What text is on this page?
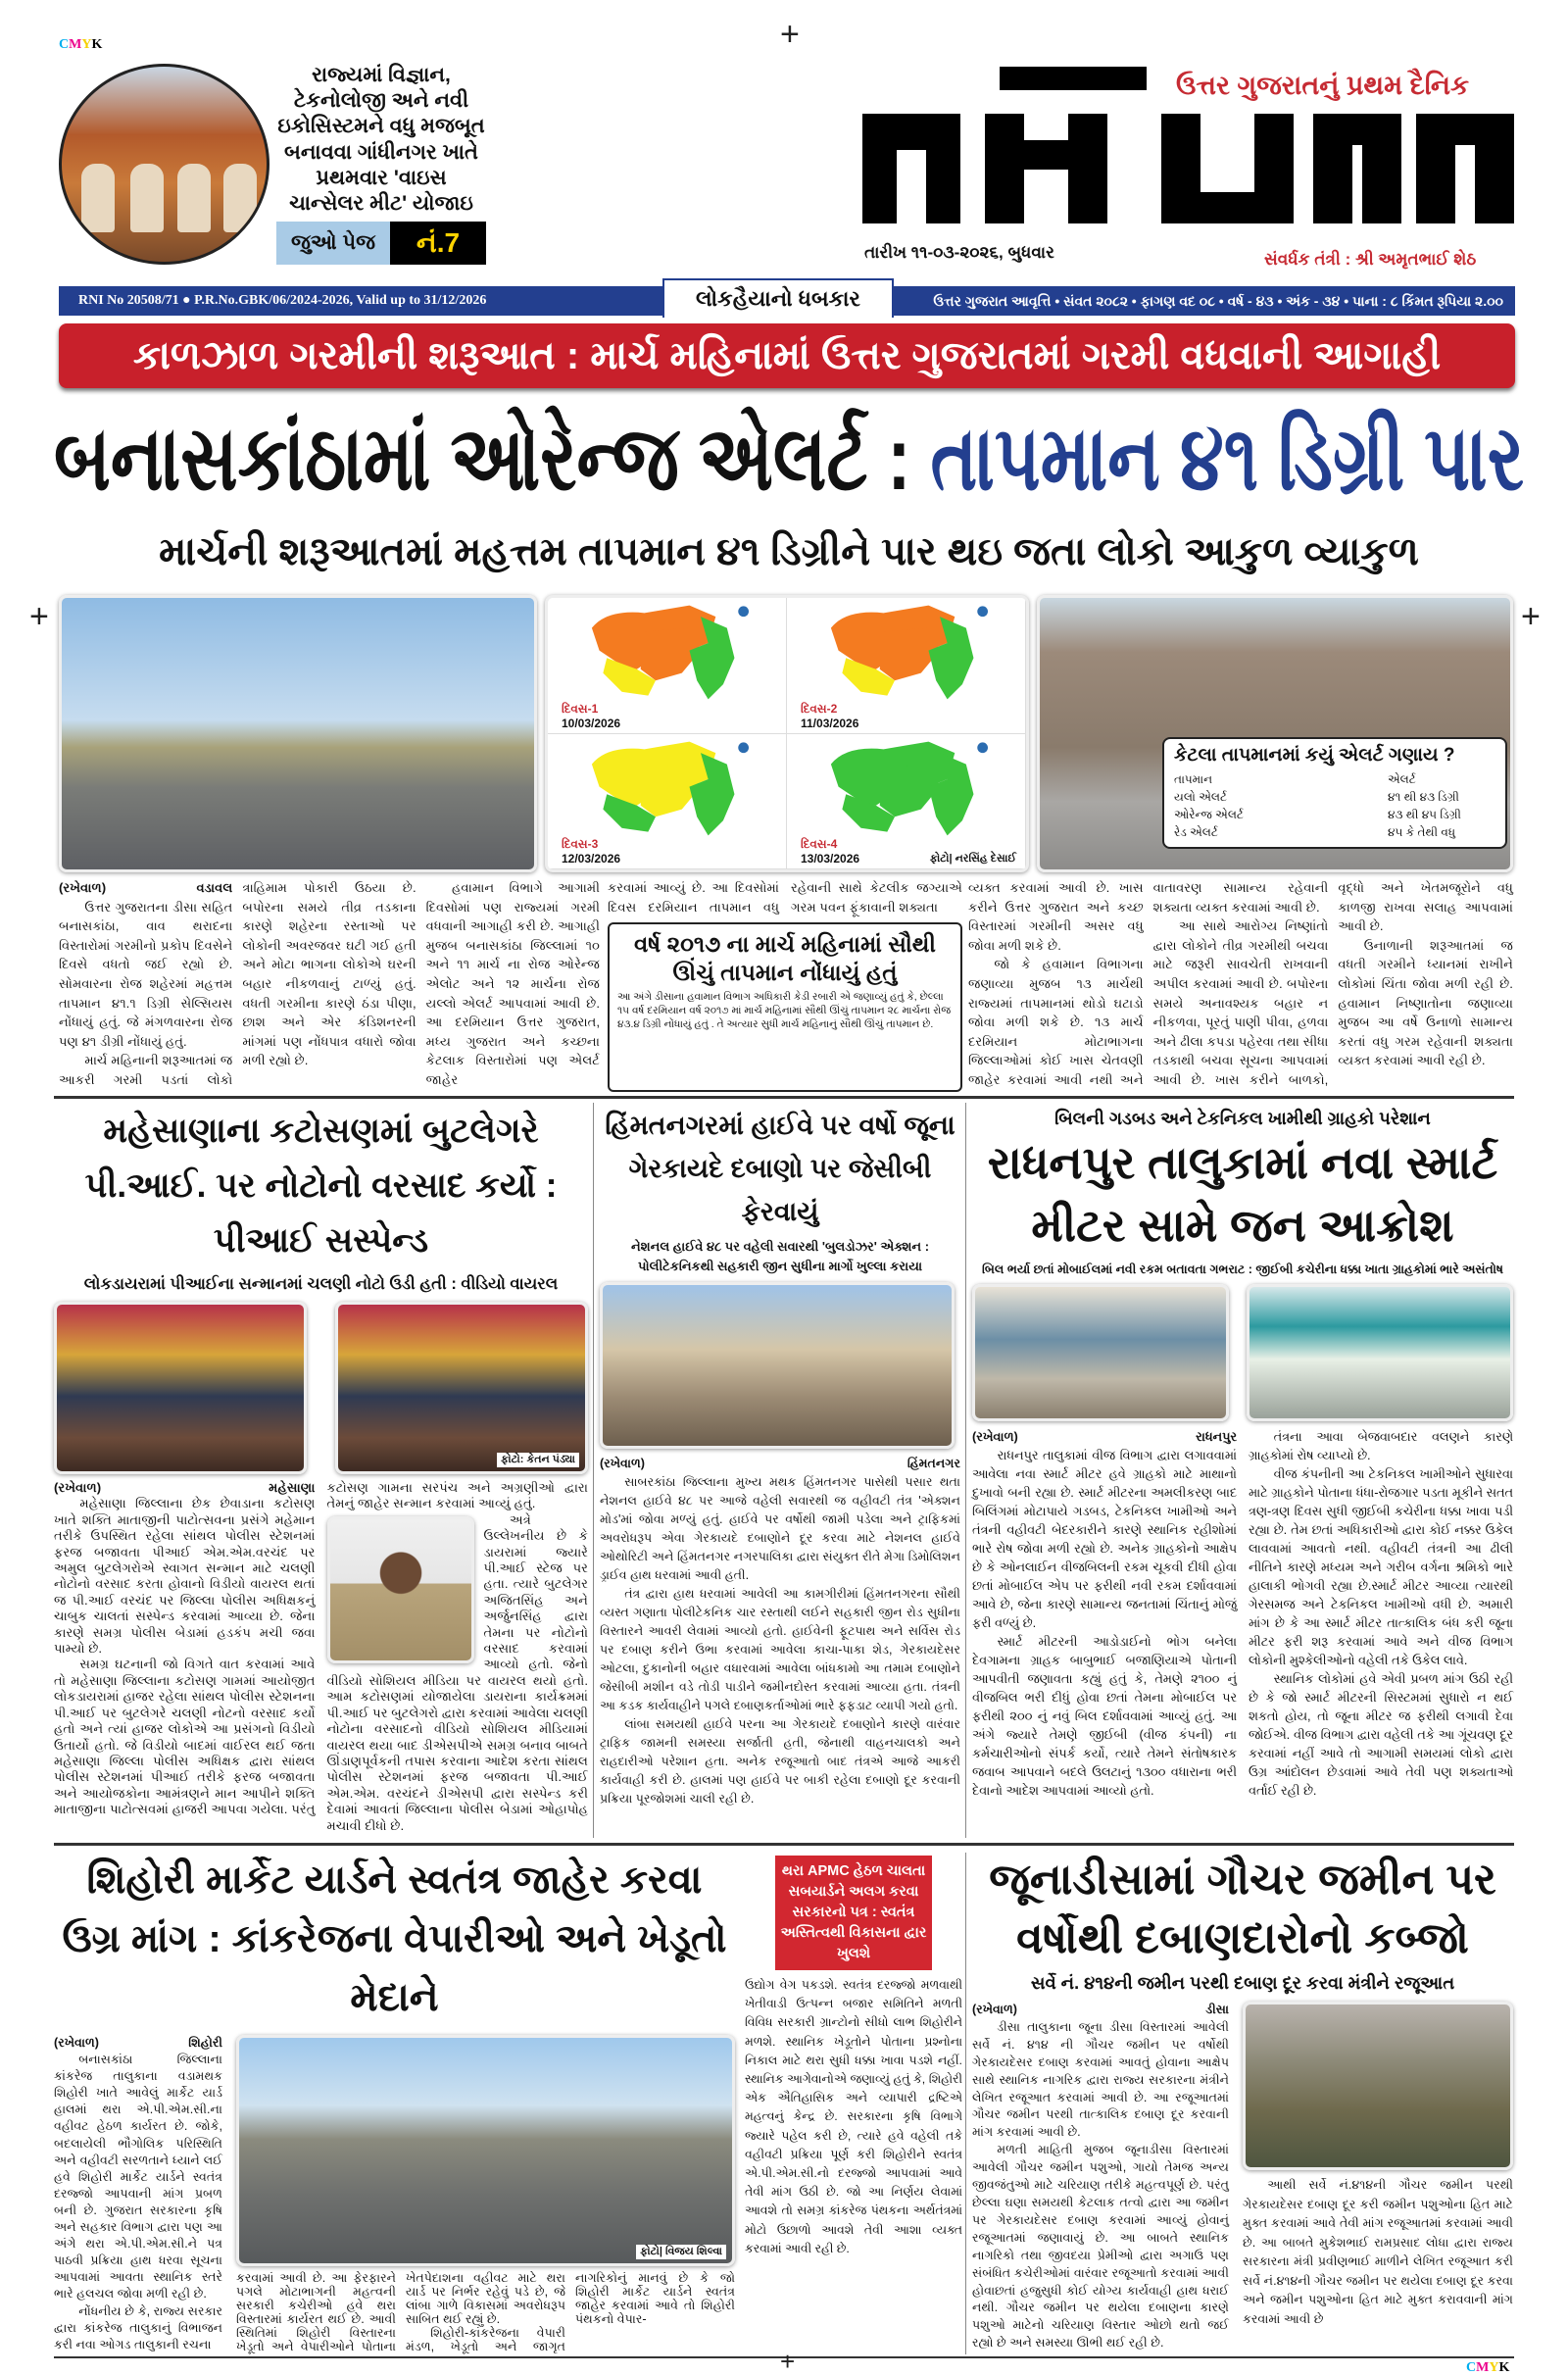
CMYK	+
રાજ્યમાં વિજ્ઞાન, ટેકનોલોજી અને નવી ઇકોસિસ્ટમને વધુ મજબૂત બનાવવા ગાંધીનગર ખાતે પ્રથમવાર 'વાઇસ ચાન્સેલર મીટ' યોજાઇ
જુઓ પેજ	નં.7
ઉત્તર ગુજરાતનું પ્રથમ દૈનિક
તારીખ ૧૧-૦૩-૨૦૨૬, બુધવાર	સંવર્ધક તંત્રી : શ્રી અમૃતભાઈ શેઠ
RNI No 20508/71 ● P.R.No.GBK/06/2024-2026, Valid up to 31/12/2026	ઉત્તર ગુજરાત આવૃત્તિ • સંવત ૨૦૮૨ • ફાગણ વદ ૦૮ • વર્ષ - ૪૩ • અંક - ૩૪ • પાના : ૮ કિંમત રૂપિયા ૨.૦૦
લોકહૈયાનો ધબકાર
કાળઝાળ ગરમીની શરૂઆત : માર્ચ મહિનામાં ઉત્તર ગુજરાતમાં ગરમી વધવાની આગાહી
બનાસકાંઠામાં ઓરેન્જ એલર્ટ : તાપમાન ૪૧ ડિગ્રી પાર
માર્ચની શરૂઆતમાં મહત્તમ તાપમાન ૪૧ ડિગ્રીને પાર થઇ જતા લોકો આકુળ વ્યાકુળ
+	+
દિવસ-1
10/03/2026
દિવસ-2
11/03/2026
દિવસ-3
12/03/2026
દિવસ-4
13/03/2026	ફોટો| નરસિંહ દેસાઈ
કેટલા તાપમાનમાં કયું એલર્ટ ગણાય ?
તાપમાન	એલર્ટ
યલો એલર્ટ	૪૧ થી ૪૩ ડિગ્રી
ઓરેન્જ એલર્ટ	૪૩ થી ૪૫ ડિગ્રી
રેડ એલર્ટ	૪૫ કે તેથી વધુ
(રખેવાળ)	વડાવલ

ઉત્તર ગુજરાતના ડીસા સહિત બનાસકાંઠા, વાવ થરાદના વિસ્તારોમાં ગરમીનો પ્રકોપ દિવસેને દિવસે વધતો જઈ રહ્યો છે. સોમવારના રોજ શહેરમાં મહત્તમ તાપમાન ૪૧.૧ ડિગ્રી સેલ્સિયસ નોંધાયું હતું. જે મંગળવારના રોજ પણ ૪૧ ડીગ્રી નોંધાયું હતું.

માર્ચ મહિનાની શરૂઆતમાં જ આકરી ગરમી પડતાં લોકો ત્રાહિમામ પોકારી ઉઠયા છે. બપોરના સમયે તીવ્ર તડકાના કારણે શહેરના રસ્તાઓ પર લોકોની અવરજવર ઘટી ગઈ હતી અને મોટા ભાગના લોકોએ ઘરની બહાર નીકળવાનું ટાળ્યું હતું. વધતી ગરમીના કારણે ઠંડા પીણા, છાશ અને એર કંડિશનરની માંગમાં પણ નોંધપાત્ર વધારો જોવા મળી રહ્યો છે.

હવામાન વિભાગે આગામી દિવસોમાં પણ રાજ્યમાં ગરમી વધવાની આગાહી કરી છે. આગાહી મુજબ બનાસકાંઠા જિલ્લામાં ૧૦ અને ૧૧ માર્ચ ના રોજ ઓરેન્જ એલોટ અને ૧૨ માર્ચના રોજ યલ્લો એલર્ટ આપવામાં આવી છે. આ દરમિયાન ઉત્તર ગુજરાત, મધ્ય ગુજરાત અને કચ્છના કેટલાક વિસ્તારોમાં પણ એલર્ટ જાહેર

કરવામાં આવ્યું છે. આ દિવસોમાં દિવસ દરમિયાન તાપમાન વધુ રહેવાની સાથે કેટલીક જગ્યાએ ગરમ પવન ફૂંકાવાની શક્યતા
વર્ષ ૨૦૧૭ ના માર્ચ મહિનામાં સૌથી ઊંચું તાપમાન નોંધાયું હતું

આ અંગે ડીસાના હવામાન વિભાગ અધિકારી કેડી રબારી એ જણાવ્યું હતું કે, છેલ્લા ૧૫ વર્ષ દરમિયાન વર્ષ ૨૦૧૭ માં માર્ચ મહિનામાં સૌથી ઊંચું તાપમાન ૨૮ માર્ચના રોજ ૪૩.૪ ડિગ્રી નોંધાયું હતું . તે અત્યાર સુધી માર્ચ મહિનાનું સૌથી ઊંચું તાપમાન છે.

વ્યક્ત કરવામાં આવી છે. ખાસ કરીને ઉત્તર ગુજરાત અને કચ્છ વિસ્તારમાં ગરમીની અસર વધુ જોવા મળી શકે છે.

જો કે હવામાન વિભાગના જણાવ્યા મુજબ ૧૩ માર્ચથી રાજ્યમાં તાપમાનમાં થોડો ઘટાડો જોવા મળી શકે છે. ૧૩ માર્ચ દરમિયાન મોટાભાગના જિલ્લાઓમાં કોઈ ખાસ ચેતવણી જાહેર કરવામાં આવી નથી અને વાતાવરણ સામાન્ય રહેવાની શક્યતા વ્યક્ત કરવામાં આવી છે.

આ સાથે આરોગ્ય નિષ્ણાંતો દ્વારા લોકોને તીવ્ર ગરમીથી બચવા માટે જરૂરી સાવચેતી રાખવાની અપીલ કરવામાં આવી છે. બપોરના સમયે અનાવશ્યક બહાર ન નીકળવા, પૂરતું પાણી પીવા, હળવા અને ઢીલા કપડા પહેરવા તથા સીધા તડકાથી બચવા સૂચના આપવામાં આવી છે. ખાસ કરીને બાળકો, વૃદ્ધો અને ખેતમજૂરોને વધુ કાળજી રાખવા સલાહ આપવામાં આવી છે.

ઉનાળાની શરૂઆતમાં જ વધતી ગરમીને ધ્યાનમાં રાખીને લોકોમાં ચિંતા જોવા મળી રહી છે. હવામાન નિષ્ણાતોના જણાવ્યા મુજબ આ વર્ષે ઉનાળો સામાન્ય કરતાં વધુ ગરમ રહેવાની શક્યતા વ્યક્ત કરવામાં આવી રહી છે.

મહેસાણાના કટોસણમાં બુટલેગરે પી.આઈ. પર નોટોનો વરસાદ કર્યો : પીઆઈ સસ્પેન્ડ
લોકડાયરામાં પીઆઈના સન્માનમાં ચલણી નોટો ઉડી હતી : વીડિયો વાયરલ
ફોટો: કેતન પંડ્યા
(રખેવાળ)	મહેસાણા

મહેસાણા જિલ્લાના છેક છેવાડાના કટોસણ ખાતે શક્તિ માતાજીની પાટોત્સવના પ્રસંગે મહેમાન તરીકે ઉપસ્થિત રહેલા સાંથલ પોલીસ સ્ટેશનમાં ફરજ બજાવતા પીઆઈ એમ.એમ.વરચંદ પર અમુલ બુટલેગરોએ સ્વાગત સન્માન માટે ચલણી નોટોનો વરસાદ કરતા હોવાનો વિડીયો વાયરલ થતાં જ પી.આઈ વરચંદ પર જિલ્લા પોલીસ અધિક્ષકનું ચાબુક ચાલતાં સસ્પેન્ડ કરવામાં આવ્યા છે. જેના કારણે સમગ્ર પોલીસ બેડામાં હડકંપ મચી જવા પામ્યો છે.

સમગ્ર ઘટનાની જો વિગતે વાત કરવામાં આવે તો મહેસાણા જિલ્લાના કટોસણ ગામમાં આયોજીત લોકડાયરામાં હાજર રહેલા સાંથલ પોલીસ સ્ટેશનના પી.આઈ પર બુટલેગરે ચલણી નોટનો વરસાદ કર્યો હતો અને ત્યાં હાજર લોકોએ આ પ્રસંગનો વિડીયો ઉતાર્યો હતો. જે વિડીયો બાદમાં વાઈરલ થઈ જતા મહેસાણા જિલ્લા પોલીસ અધિક્ષક દ્વારા સાંથલ પોલીસ સ્ટેશનમાં પીઆઈ તરીકે ફરજ બજાવતા અને આયોજકોના આમંત્રણને માન આપીને શક્તિ માતાજીના પાટોત્સવમાં હાજરી આપવા ગયેલા. પરંતુ કટોસણ ગામના સરપંચ અને અગ્રણીઓ દ્વારા તેમનું જાહેર સન્માન કરવામાં આવ્યું હતું.

અત્રે ઉલ્લેખનીય છે કે ડાયરામાં જ્યારે પી.આઈ સ્ટેજ પર હતા. ત્યારે બુટલેગર અજિતસિંહ અને અર્જુનસિંહ દ્વારા તેમના પર નોટોનો વરસાદ કરવામાં આવ્યો હતો. જેનો વીડિયો સોશિયલ મીડિયા પર વાયરલ થયો હતો. આમ કટોસણમાં યોજાયેલા ડાયરાના કાર્યક્રમમાં પી.આઈ પર બુટલેગરો દ્વારા કરવામાં આવેલા ચલણી નોટોના વરસાદનો વીડિયો સોશિયલ મીડિયામાં વાયરલ થયા બાદ ડીએસપીએ સમગ્ર બનાવ બાબતે ઊંડાણપૂર્વકની તપાસ કરવાના આદેશ કરતા સાંથલ પોલીસ સ્ટેશનમાં ફરજ બજાવતા પી.આઈ એમ.એમ. વરચંદને ડીએસપી દ્વારા સસ્પેન્ડ કરી દેવામાં આવતાં જિલ્લાના પોલીસ બેડામાં ઓહાપોહ મચાવી દીધો છે.

હિંમતનગરમાં હાઈવે પર વર્ષો જૂના ગેરકાયદે દબાણો પર જેસીબી ફેરવાયું
નેશનલ હાઈવે ૪૮ પર વહેલી સવારથી 'બુલડોઝર' એક્શન : પોલીટેકનિકથી સહકારી જીન સુધીના માર્ગો ખુલ્લા કરાયા
(રખેવાળ)	હિંમતનગર

સાબરકાંઠા જિલ્લાના મુખ્ય મથક હિંમતનગર પાસેથી પસાર થતા નેશનલ હાઈવે ૪૮ પર આજે વહેલી સવારથી જ વહીવટી તંત્ર 'એક્શન મોડ'માં જોવા મળ્યું હતું. હાઈવે પર વર્ષોથી જામી પડેલા અને ટ્રાફિકમાં અવરોધરૂપ એવા ગેરકાયદે દબાણોને દૂર કરવા માટે નેશનલ હાઈવે ઓથોરિટી અને હિંમતનગર નગરપાલિકા દ્વારા સંયુક્ત રીતે મેગા ડિમોલિશન ડ્રાઈવ હાથ ધરવામાં આવી હતી.

તંત્ર દ્વારા હાથ ધરવામાં આવેલી આ કામગીરીમાં હિંમતનગરના સૌથી વ્યસ્ત ગણાતા પોલીટેકનિક ચાર રસ્તાથી લઈને સહકારી જીન રોડ સુધીના વિસ્તારને આવરી લેવામાં આવ્યો હતો. હાઈવેની ફૂટપાથ અને સર્વિસ રોડ પર દબાણ કરીને ઉભા કરવામાં આવેલા કાચા-પાકા શેડ, ગેરકાયદેસર ઓટલા, દુકાનોની બહાર વધારવામાં આવેલા બાંધકામો આ તમામ દબાણોને જેસીબી મશીન વડે તોડી પાડીને જમીનદોસ્ત કરવામાં આવ્યા હતા. તંત્રની આ કડક કાર્યવાહીને પગલે દબાણકર્તાઓમાં ભારે ફફડાટ વ્યાપી ગયો હતો.

લાંબા સમયથી હાઈવે પરના આ ગેરકાયદે દબાણોને કારણે વારંવાર ટ્રાફિક જામની સમસ્યા સર્જાતી હતી, જેનાથી વાહનચાલકો અને રાહદારીઓ પરેશાન હતા. અનેક રજૂઆતો બાદ તંત્રએ આજે આકરી કાર્યવાહી કરી છે. હાલમાં પણ હાઈવે પર બાકી રહેલા દબાણો દૂર કરવાની પ્રક્રિયા પૂરજોશમાં ચાલી રહી છે.

બિલની ગડબડ અને ટેકનિકલ ખામીથી ગ્રાહકો પરેશાન
રાધનપુર તાલુકામાં નવા સ્માર્ટ મીટર સામે જન આક્રોશ
બિલ ભર્યા છતાં મોબાઈલમાં નવી રકમ બતાવતા ગભરાટ : જીઈબી કચેરીના ધક્કા ખાતા ગ્રાહકોમાં ભારે અસંતોષ
(રખેવાળ)	રાધનપુર

રાધનપુર તાલુકામાં વીજ વિભાગ દ્વારા લગાવવામાં આવેલા નવા સ્માર્ટ મીટર હવે ગ્રાહકો માટે માથાનો દુખાવો બની રહ્યા છે. સ્માર્ટ મીટરના અમલીકરણ બાદ બિલિંગમાં મોટાપાયે ગડબડ, ટેકનિકલ ખામીઓ અને તંત્રની વહીવટી બેદરકારીને કારણે સ્થાનિક રહીશોમાં ભારે રોષ જોવા મળી રહ્યો છે. અનેક ગ્રાહકોનો આક્ષેપ છે કે ઓનલાઈન વીજબિલની રકમ ચૂકવી દીધી હોવા છતાં મોબાઈલ એપ પર ફરીથી નવી રકમ દર્શાવવામાં આવે છે, જેના કારણે સામાન્ય જનતામાં ચિંતાનું મોજું ફરી વળ્યું છે.

સ્માર્ટ મીટરની આડોડાઈનો ભોગ બનેલા દેવગામના ગ્રાહક બાબુભાઈ બજાણિયાએ પોતાની આપવીતી જણાવતા કહ્યું હતું કે, તેમણે ૨૧૦૦ નું વીજબિલ ભરી દીધું હોવા છતાં તેમના મોબાઈલ પર ફરીથી ૨૦૦ નું નવું બિલ દર્શાવવામાં આવ્યું હતું. આ અંગે જ્યારે તેમણે જીઈબી (વીજ કંપની) ના કર્મચારીઓનો સંપર્ક કર્યો, ત્યારે તેમને સંતોષકારક જવાબ આપવાને બદલે ઉલટાનું ૧૩૦૦ વધારાના ભરી દેવાનો આદેશ આપવામાં આવ્યો હતો.

તંત્રના આવા બેજવાબદાર વલણને કારણે ગ્રાહકોમાં રોષ વ્યાપ્યો છે.

વીજ કંપનીની આ ટેકનિકલ ખામીઓને સુધારવા માટે ગ્રાહકોને પોતાના ધંધા-રોજગાર પડતા મૂકીને સતત ત્રણ-ત્રણ દિવસ સુધી જીઈબી કચેરીના ધક્કા ખાવા પડી રહ્યા છે. તેમ છતાં અધિકારીઓ દ્વારા કોઈ નક્કર ઉકેલ લાવવામાં આવતો નથી. વહીવટી તંત્રની આ ઢીલી નીતિને કારણે મધ્યમ અને ગરીબ વર્ગના શ્રમિકો ભારે હાલાકી ભોગવી રહ્યા છે.સ્માર્ટ મીટર આવ્યા ત્યારથી ગેરસમજ અને ટેકનિકલ ખામીઓ વધી છે. અમારી માંગ છે કે આ સ્માર્ટ મીટર તાત્કાલિક બંધ કરી જૂના મીટર ફરી શરૂ કરવામાં આવે અને વીજ વિભાગ લોકોની મુશ્કેલીઓનો વહેલી તકે ઉકેલ લાવે.

સ્થાનિક લોકોમાં હવે એવી પ્રબળ માંગ ઉઠી રહી છે કે જો સ્માર્ટ મીટરની સિસ્ટમમાં સુધારો ન થઈ શકતો હોય, તો જૂના મીટર જ ફરીથી લગાવી દેવા જોઈએ. વીજ વિભાગ દ્વારા વહેલી તકે આ ગૂંચવણ દૂર કરવામાં નહીં આવે તો આગામી સમયમાં લોકો દ્વારા ઉગ્ર આંદોલન છેડવામાં આવે તેવી પણ શક્યતાઓ વર્તાઈ રહી છે.

શિહોરી માર્કેટ યાર્ડને સ્વતંત્ર જાહેર કરવા ઉગ્ર માંગ : કાંકરેજના વેપારીઓ અને ખેડૂતો મેદાને
(રખેવાળ)	શિહોરી

બનાસકાંઠા જિલ્લાના કાંકરેજ તાલુકાના વડામથક શિહોરી ખાતે આવેલું માર્કેટ યાર્ડ હાલમાં થરા એ.પી.એમ.સી.ના વહીવટ હેઠળ કાર્યરત છે. જોકે, બદલાયેલી ભૌગોલિક પરિસ્થિતિ અને વહીવટી સરળતાને ધ્યાને લઈ હવે શિહોરી માર્કેટ યાર્ડને સ્વતંત્ર દરજ્જો આપવાની માંગ પ્રબળ બની છે. ગુજરાત સરકારના કૃષિ અને સહકાર વિભાગ દ્વારા પણ આ અંગે થરા એ.પી.એમ.સી.ને પત્ર પાઠવી પ્રક્રિયા હાથ ધરવા સૂચના આપવામાં આવતા સ્થાનિક સ્તરે ભારે હલચલ જોવા મળી રહી છે.

નોંધનીય છે કે, રાજ્ય સરકાર દ્વારા કાંકરેજ તાલુકાનું વિભાજન કરી નવા ઓગડ તાલુકાની રચના

ફોટો| વિજય શિલ્વા

કરવામાં આવી છે. આ ફેરફારને પગલે મોટાભાગની મહત્વની સરકારી કચેરીઓ હવે થરા વિસ્તારમાં કાર્યરત થઈ છે. આવી સ્થિતિમાં શિહોરી વિસ્તારના ખેડૂતો અને વેપારીઓને પોતાના ખેતપેદાશના વહીવટ માટે થરા યાર્ડ પર નિર્ભર રહેવું પડે છે, જે લાંબા ગાળે વિકાસમાં અવરોધરૂપ સાબિત થઈ રહ્યું છે.

શિહોરી-કાંકરેજના વેપારી મંડળ, ખેડૂતો અને જાગૃત નાગરિકોનું માનવું છે કે જો શિહોરી માર્કેટ યાર્ડને સ્વતંત્ર જાહેર કરવામાં આવે તો શિહોરી પંથકનો વેપાર-

થરા APMC હેઠળ ચાલતા સબયાર્ડને અલગ કરવા સરકારનો પત્ર : સ્વતંત્ર અસ્તિત્વથી વિકાસના દ્વાર ખુલશે
ઉદ્યોગ વેગ પકડશે. સ્વતંત્ર દરજ્જો મળવાથી ખેતીવાડી ઉત્પન્ન બજાર સમિતિને મળતી વિવિધ સરકારી ગ્રાન્ટોનો સીધો લાભ શિહોરીને મળશે. સ્થાનિક ખેડૂતોને પોતાના પ્રશ્નોના નિકાલ માટે થરા સુધી ધક્કા ખાવા પડશે નહીં. સ્થાનિક આગેવાનોએ જણાવ્યું હતું કે, શિહોરી એક ઐતિહાસિક અને વ્યાપારી દ્રષ્ટિએ મહત્વનું કેન્દ્ર છે. સરકારના કૃષિ વિભાગે જ્યારે પહેલ કરી છે, ત્યારે હવે વહેલી તકે વહીવટી પ્રક્રિયા પૂર્ણ કરી શિહોરીને સ્વતંત્ર એ.પી.એમ.સી.નો દરજ્જો આપવામાં આવે તેવી માંગ ઉઠી છે. જો આ નિર્ણય લેવામાં આવશે તો સમગ્ર કાંકરેજ પંથકના અર્થતંત્રમાં મોટો ઉછાળો આવશે તેવી આશા વ્યક્ત કરવામાં આવી રહી છે.
જૂનાડીસામાં ગૌચર જમીન પર વર્ષોથી દબાણદારોનો કબ્જો
સર્વે નં. ૪૧૪ની જમીન પરથી દબાણ દૂર કરવા મંત્રીને રજૂઆત
(રખેવાળ)	ડીસા

ડીસા તાલુકાના જૂના ડીસા વિસ્તારમાં આવેલી સર્વે નં. ૪૧૪ ની ગૌચર જમીન પર વર્ષોથી ગેરકાયદેસર દબાણ કરવામાં આવતું હોવાના આક્ષેપ સાથે સ્થાનિક નાગરિક દ્વારા રાજ્ય સરકારના મંત્રીને લેખિત રજૂઆત કરવામાં આવી છે. આ રજૂઆતમાં ગૌચર જમીન પરથી તાત્કાલિક દબાણ દૂર કરવાની માંગ કરવામાં આવી છે.

મળતી માહિતી મુજબ જૂનાડીસા વિસ્તારમાં આવેલી ગૌચર જમીન પશુઓ, ગાયો તેમજ અન્ય જીવજંતુઓ માટે ચરિયાણ તરીકે મહત્વપૂર્ણ છે. પરંતુ છેલ્લા ઘણા સમયથી કેટલાક તત્વો દ્વારા આ જમીન પર ગેરકાયદેસર દબાણ કરવામાં આવ્યું હોવાનું રજૂઆતમાં જણાવાયું છે. આ બાબતે સ્થાનિક નાગરિકો તથા જીવદયા પ્રેમીઓ દ્વારા અગાઉ પણ સંબંધિત કચેરીઓમાં વારંવાર રજૂઆતો કરવામાં આવી હોવાછતાં હજુસુધી કોઈ યોગ્ય કાર્યવાહી હાથ ધરાઈ નથી. ગૌચર જમીન પર થયેલા દબાણના કારણે પશુઓ માટેનો ચરિયાણ વિસ્તાર ઓછો થતો જઈ રહ્યો છે અને સમસ્યા ઊભી થઈ રહી છે.

આથી સર્વે નં.૪૧૪ની ગૌચર જમીન પરથી ગેરકાયદેસર દબાણ દૂર કરી જમીન પશુઓના હિત માટે મુક્ત કરવામાં આવે તેવી માંગ રજૂઆતમાં કરવામાં આવી છે. આ બાબતે મુકેશભાઈ રામપ્રસાદ લોધા દ્વારા રાજ્ય સરકારના મંત્રી પ્રવીણભાઈ માળીને લેખિત રજૂઆત કરી સર્વે નં.૪૧૪ની ગૌચર જમીન પર થયેલા દબાણ દૂર કરવા અને જમીન પશુઓના હિત માટે મુક્ત કરાવવાની માંગ કરવામાં આવી છે

+	CMYK
